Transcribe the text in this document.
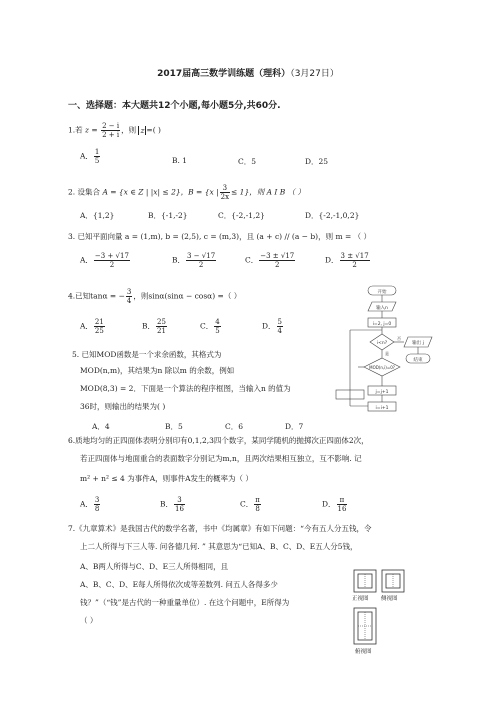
2017届高三数学训练题（理科）（3月27日）
一、选择题：本大题共12个小题,每小题5分,共60分.
1.若 $z = \frac{2 - i}{2 + i}$ ，则 z =( )
A． $\frac{1}{5}$	B. 1	C．5	D．25
2. 设集合 A = {x ∈ Z | |x| ≤ 2}，B = {x | $\frac{3}{2x} \le 1$}，则 A I B （ ）
A．{1,2}	B．{-1,-2}	C．{-2,-1,2}	D．{-2,-1,0,2}
3. 已知平面向量 a = (1,m), b = (2,5), c = (m,3)，且 (a + c) // (a − b)，则 m = （ ）
A． $\frac{-3 + √17}{2}$	B． $\frac{3 - √17}{2}$	C． $\frac{-3 \pm √17}{2}$	D． $\frac{3 \pm √17}{2}$
4.已知tanα = − $\frac{3}{4}$ ，则sinα(sinα − cosα) =（ ）
A． $\frac{21}{25}$	B． $\frac{25}{21}$	C． $\frac{4}{5}$	D． $\frac{5}{4}$
5. 已知MOD函数是一个求余函数，其格式为
MOD(n,m)，其结果为n 除以m 的余数，例如
MOD(8,3) = 2．下面是一个算法的程序框图，当输入n 的值为
36时，则输出的结果为( )
A．4	B．5	C．6	D．7
开始
输入n
i=2, j=0
i<n?
MOD(n,i)=0?
j=j+1
i=i+1
输出 j
结束
是
否
6.质地均匀的正四面体表明分别印有0,1,2,3四个数字，某同学随机的抛掷次正四面体2次，
若正四面体与地面重合的表面数字分别记为m,n，且两次结果相互独立，互不影响. 记
m² + n² ≤ 4 为事件A，则事件A发生的概率为（ ）
A． $\frac{3}{8}$	B． $\frac{3}{16}$	C． $\frac{\pi}{8}$	D． $\frac{\pi}{16}$
7.《九章算术》是我国古代的数学名著，书中《均属章》有如下问题：“今有五人分五钱，令
上二人所得与下三人等. 问各德几何. ” 其意思为“已知A、B、C、D、E五人分5钱，
A、B两人所得与C、D、E三人所得相同，且
A、B、C、D、E每人所得依次成等差数列. 问五人各得多少
钱？”（“钱”是古代的一种重量单位）. 在这个问题中，E所得为
（ ）
正视图 侧视图
俯视图
